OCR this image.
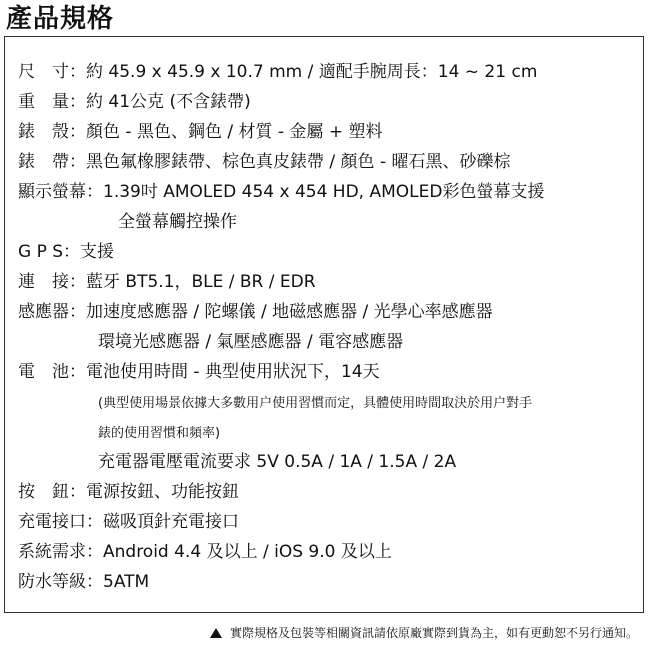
產品規格
尺　寸：約 45.9 x 45.9 x 10.7 mm / 適配手腕周長：14 ~ 21 cm
重　量：約 41公克 (不含錶帶)
錶　殼：顏色 - 黑色、鋼色 / 材質 - 金屬 + 塑料
錶　帶：黑色氟橡膠錶帶、棕色真皮錶帶 / 顏色 - 曜石黑、砂礫棕
顯示螢幕：1.39吋 AMOLED 454 x 454 HD, AMOLED彩色螢幕支援
全螢幕觸控操作
G P S：支援
連　接：藍牙 BT5.1，BLE / BR / EDR
感應器：加速度感應器 / 陀螺儀 / 地磁感應器 / 光學心率感應器
環境光感應器 / 氣壓感應器 / 電容感應器
電　池：電池使用時間 - 典型使用狀況下，14天
(典型使用場景依據大多數用户使用習慣而定，具體使用時間取決於用户對手
錶的使用習慣和頻率)
充電器電壓電流要求 5V 0.5A / 1A / 1.5A / 2A
按　鈕：電源按鈕、功能按鈕
充電接口：磁吸頂針充電接口
系統需求：Android 4.4 及以上 / iOS 9.0 及以上
防水等級：5ATM
實際規格及包裝等相關資訊請依原廠實際到貨為主，如有更動恕不另行通知。
